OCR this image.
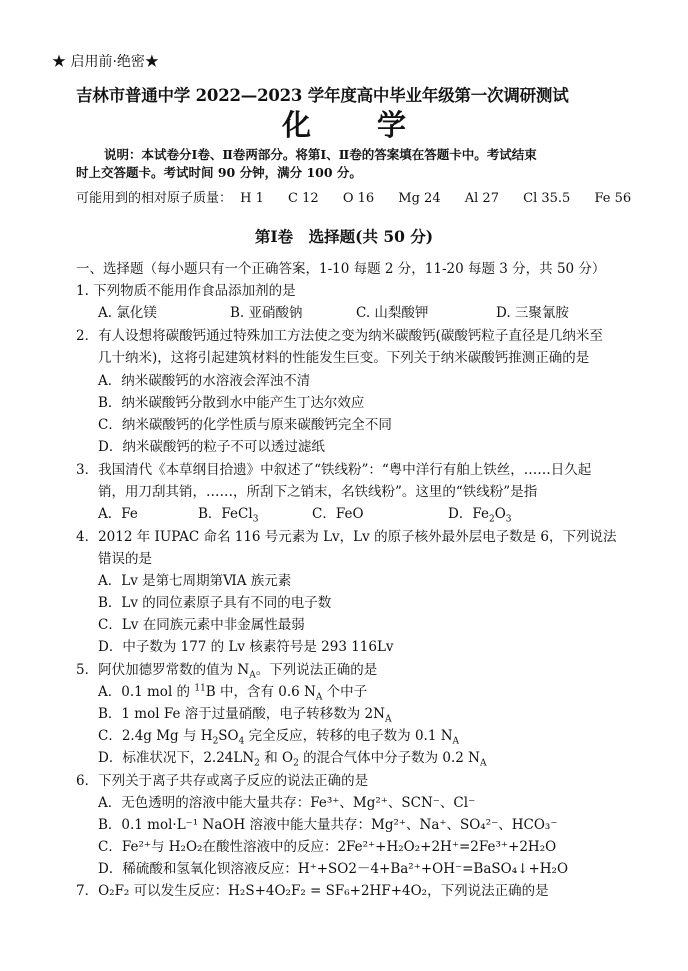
★ 启用前·绝密★
吉林市普通中学 2022—2023 学年度高中毕业年级第一次调研测试
化 学
说明：本试卷分Ⅰ卷、Ⅱ卷两部分。将第Ⅰ、Ⅱ卷的答案填在答题卡中。考试结束
时上交答题卡。考试时间 90 分钟，满分 100 分。
可能用到的相对原子质量： H 1 C 12 O 16 Mg 24 Al 27 Cl 35.5 Fe 56
第Ⅰ卷　选择题(共 50 分)
一、选择题（每小题只有一个正确答案，1-10 每题 2 分，11-20 每题 3 分，共 50 分）
1. 下列物质不能用作食品添加剂的是
A. 氯化镁	B. 亚硝酸钠	C. 山梨酸钾	D. 三聚氰胺
2．有人设想将碳酸钙通过特殊加工方法使之变为纳米碳酸钙(碳酸钙粒子直径是几纳米至
几十纳米)，这将引起建筑材料的性能发生巨变。下列关于纳米碳酸钙推测正确的是
A．纳米碳酸钙的水溶液会浑浊不清
B．纳米碳酸钙分散到水中能产生丁达尔效应
C．纳米碳酸钙的化学性质与原来碳酸钙完全不同
D．纳米碳酸钙的粒子不可以透过滤纸
3．我国清代《本草纲目拾遗》中叙述了“铁线粉”：“粤中洋行有舶上铁丝，……日久起
销，用刀刮其销，……，所刮下之销末，名铁线粉”。这里的“铁线粉”是指
A．Fe	B．FeCl$_3$	C．FeO	D．$Fe_2O_3$
4．2012 年 IUPAC 命名 116 号元素为 Lv，Lv 的原子核外最外层电子数是 6，下列说法
错误的是
A．Lv 是第七周期第ⅥA 族元素
B．Lv 的同位素原子具有不同的电子数
C．Lv 在同族元素中非金属性最弱
D．中子数为 177 的 Lv 核素符号是 293 116Lv
5．阿伏加德罗常数的值为 $N_A$。下列说法正确的是
A．0.1 mol 的 $^{11}$B 中，含有 0.6 $N_A$ 个中子
B．1 mol Fe 溶于过量硝酸，电子转移数为 $2N_A$
C．2.4g Mg 与 $H_2SO_4$ 完全反应，转移的电子数为 0.1 $N_A$
D．标准状况下，$2.24LN_2$ 和 $O_2$ 的混合气体中分子数为 0.2 $N_A$
6．下列关于离子共存或离子反应的说法正确的是
A．无色透明的溶液中能大量共存：Fe³⁺、Mg²⁺、SCN⁻、Cl⁻
B．0.1 mol·L⁻¹ NaOH 溶液中能大量共存：Mg²⁺、Na⁺、SO₄²⁻、HCO₃⁻
C．Fe²⁺与 H₂O₂在酸性溶液中的反应：2Fe²⁺+H₂O₂+2H⁺=2Fe³⁺+2H₂O
D．稀硫酸和氢氧化钡溶液反应：H⁺+SO2－4+Ba²⁺+OH⁻=BaSO₄↓+H₂O
7．O₂F₂ 可以发生反应：H₂S+4O₂F₂ = SF₆+2HF+4O₂，下列说法正确的是
